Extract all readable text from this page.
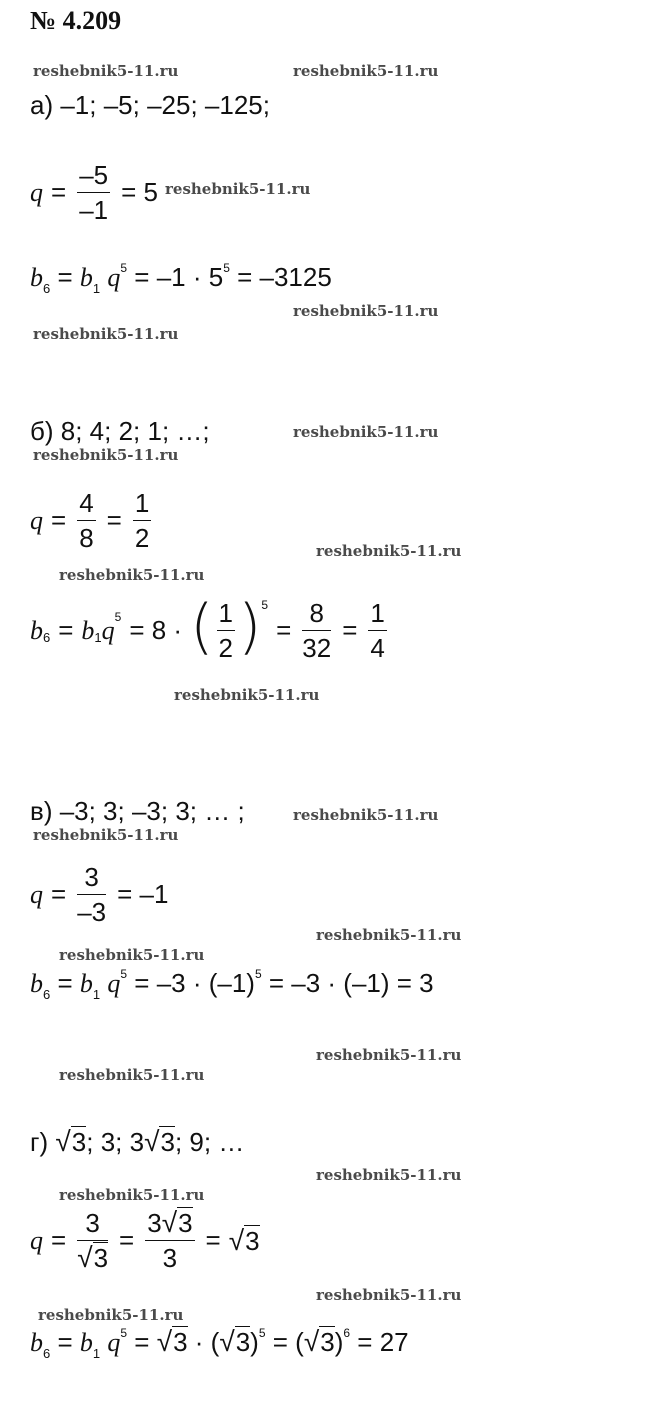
№ 4.209
reshebnik5-11.ru	reshebnik5-11.ru
reshebnik5-11.ru
reshebnik5-11.ru
reshebnik5-11.ru
reshebnik5-11.ru
reshebnik5-11.ru
reshebnik5-11.ru
reshebnik5-11.ru
reshebnik5-11.ru
reshebnik5-11.ru
reshebnik5-11.ru
reshebnik5-11.ru
reshebnik5-11.ru
reshebnik5-11.ru
reshebnik5-11.ru
reshebnik5-11.ru
reshebnik5-11.ru
reshebnik5-11.ru
reshebnik5-11.ru
а) –1; –5; –25; –125;
$q = \frac{-5}{-1} = 5$
$b_6 = b_1$ $q^5 = -1 \cdot 5^5 = -3125$
б) 8; 4; 2; 1; …;
$q = \frac{4}{8} = \frac{1}{2}$
b 6 = b 1 q 5 = 8 · ( $\frac{1}{2}$ ) 5
= $\frac{8}{32} = \frac{1}{4}$
в) –3; 3; –3; 3; … ;
$q = \frac{3}{-3} = -1$
$b_6 = b_1$ $q^5 = -3 \cdot (-1)^5 = -3 \cdot (-1) = 3$
г) √3; 3; 3√3; 9; …
$q = \frac{3}{√3} = \frac{3√3}{3} = √3$
$b_6 = b_1$ $q^5 = √3 \cdot (√3)^5 = (√3)^6 = 27$
